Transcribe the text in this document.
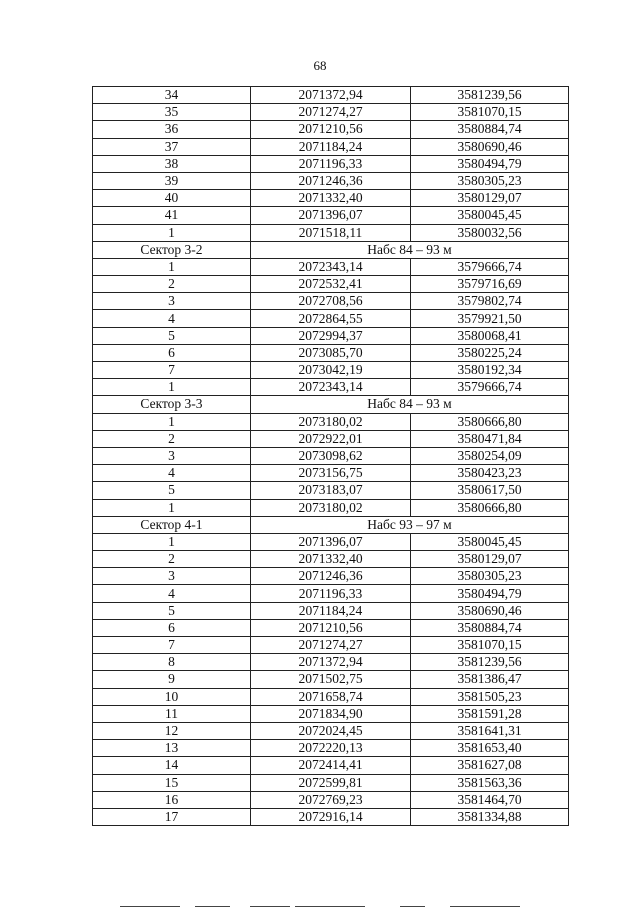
68
34	2071372,94	3581239,56
35	2071274,27	3581070,15
36	2071210,56	3580884,74
37	2071184,24	3580690,46
38	2071196,33	3580494,79
39	2071246,36	3580305,23
40	2071332,40	3580129,07
41	2071396,07	3580045,45
1	2071518,11	3580032,56
Сектор 3-2	Набс 84 – 93 м	
1	2072343,14	3579666,74
2	2072532,41	3579716,69
3	2072708,56	3579802,74
4	2072864,55	3579921,50
5	2072994,37	3580068,41
6	2073085,70	3580225,24
7	2073042,19	3580192,34
1	2072343,14	3579666,74
Сектор 3-3	Набс 84 – 93 м	
1	2073180,02	3580666,80
2	2072922,01	3580471,84
3	2073098,62	3580254,09
4	2073156,75	3580423,23
5	2073183,07	3580617,50
1	2073180,02	3580666,80
Сектор 4-1	Набс 93 – 97 м	
1	2071396,07	3580045,45
2	2071332,40	3580129,07
3	2071246,36	3580305,23
4	2071196,33	3580494,79
5	2071184,24	3580690,46
6	2071210,56	3580884,74
7	2071274,27	3581070,15
8	2071372,94	3581239,56
9	2071502,75	3581386,47
10	2071658,74	3581505,23
11	2071834,90	3581591,28
12	2072024,45	3581641,31
13	2072220,13	3581653,40
14	2072414,41	3581627,08
15	2072599,81	3581563,36
16	2072769,23	3581464,70
17	2072916,14	3581334,88
